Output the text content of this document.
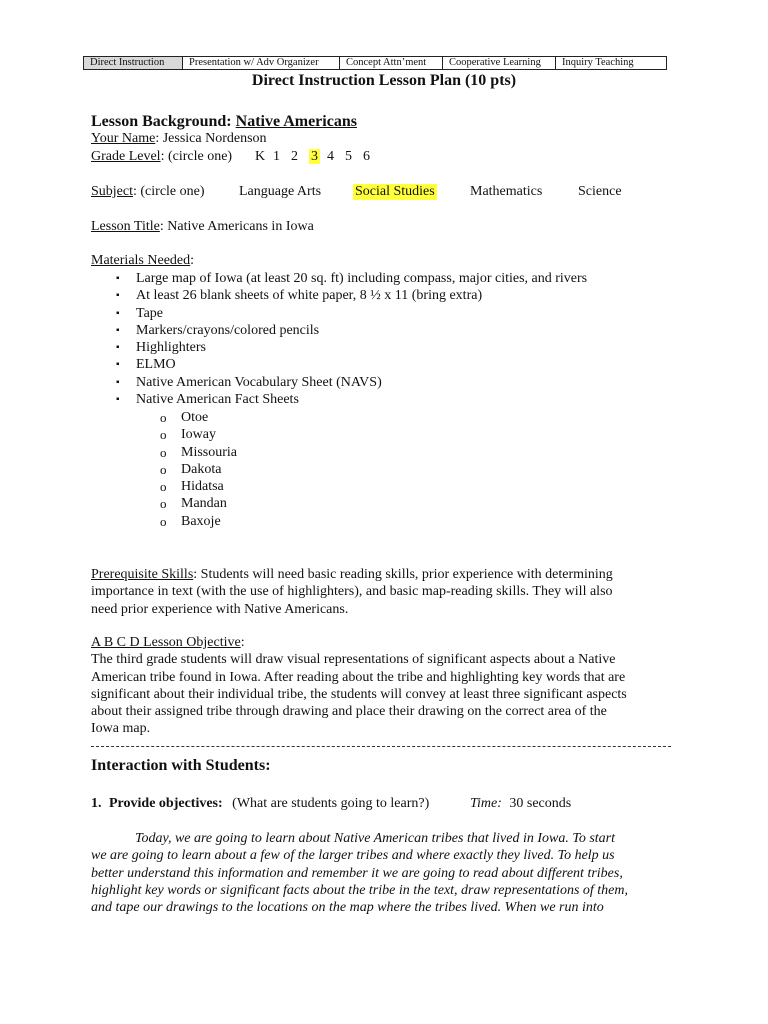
Direct Instruction	Presentation w/ Adv Organizer	Concept Attn’ment	Cooperative Learning	Inquiry Teaching
Direct Instruction Lesson Plan (10 pts)
Lesson Background: Native Americans
Your Name: Jessica Nordenson
Grade Level: (circle one) K 1 2 3 4 5 6
Subject: (circle one) Language Arts Social Studies	Mathematics	Science
Lesson Title: Native Americans in Iowa
Materials Needed:
▪ Large map of Iowa (at least 20 sq. ft) including compass, major cities, and rivers
▪ At least 26 blank sheets of white paper, 8 ½ x 11 (bring extra)
▪ Tape
▪ Markers/crayons/colored pencils
▪ Highlighters
▪ ELMO
▪ Native American Vocabulary Sheet (NAVS)
▪ Native American Fact Sheets
o Otoe
o Ioway
o Missouria
o Dakota
o Hidatsa
o Mandan
o Baxoje

Prerequisite Skills: Students will need basic reading skills, prior experience with determining

importance in text (with the use of highlighters), and basic map-reading skills. They will also

need prior experience with Native Americans.

A B C D Lesson Objective:

The third grade students will draw visual representations of significant aspects about a Native

American tribe found in Iowa. After reading about the tribe and highlighting key words that are

significant about their individual tribe, the students will convey at least three significant aspects

about their assigned tribe through drawing and place their drawing on the correct area of the

Iowa map.

Interaction with Students:
1. Provide objectives: (What are students going to learn?)	Time: 30 seconds

Today, we are going to learn about Native American tribes that lived in Iowa. To start

we are going to learn about a few of the larger tribes and where exactly they lived. To help us

better understand this information and remember it we are going to read about different tribes,

highlight key words or significant facts about the tribe in the text, draw representations of them,

and tape our drawings to the locations on the map where the tribes lived. When we run into
